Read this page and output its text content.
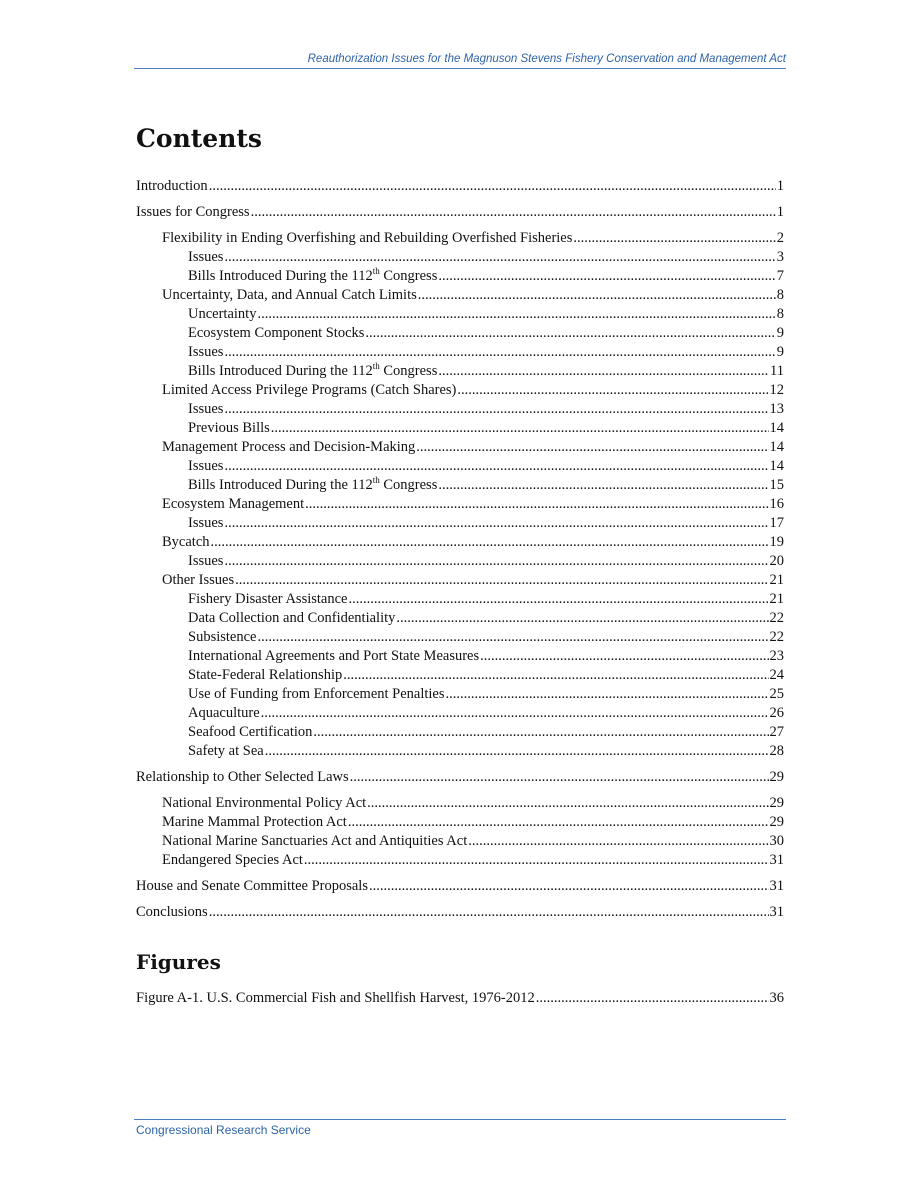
Reauthorization Issues for the Magnuson Stevens Fishery Conservation and Management Act
Contents
Introduction .....	1
Issues for Congress .....	1
Flexibility in Ending Overfishing and Rebuilding Overfished Fisheries .....	2
Issues .....	3
Bills Introduced During the 112th Congress .....	7
Uncertainty, Data, and Annual Catch Limits .....	8
Uncertainty .....	8
Ecosystem Component Stocks .....	9
Issues .....	9
Bills Introduced During the 112th Congress .....	11
Limited Access Privilege Programs (Catch Shares) .....	12
Issues .....	13
Previous Bills .....	14
Management Process and Decision-Making .....	14
Issues .....	14
Bills Introduced During the 112th Congress .....	15
Ecosystem Management .....	16
Issues .....	17
Bycatch .....	19
Issues .....	20
Other Issues .....	21
Fishery Disaster Assistance .....	21
Data Collection and Confidentiality .....	22
Subsistence .....	22
International Agreements and Port State Measures .....	23
State-Federal Relationship .....	24
Use of Funding from Enforcement Penalties .....	25
Aquaculture .....	26
Seafood Certification .....	27
Safety at Sea .....	28
Relationship to Other Selected Laws .....	29
National Environmental Policy Act .....	29
Marine Mammal Protection Act .....	29
National Marine Sanctuaries Act and Antiquities Act .....	30
Endangered Species Act .....	31
House and Senate Committee Proposals .....	31
Conclusions .....	31
Figures
Figure A-1. U.S. Commercial Fish and Shellfish Harvest, 1976-2012 .....	36
Congressional Research Service
